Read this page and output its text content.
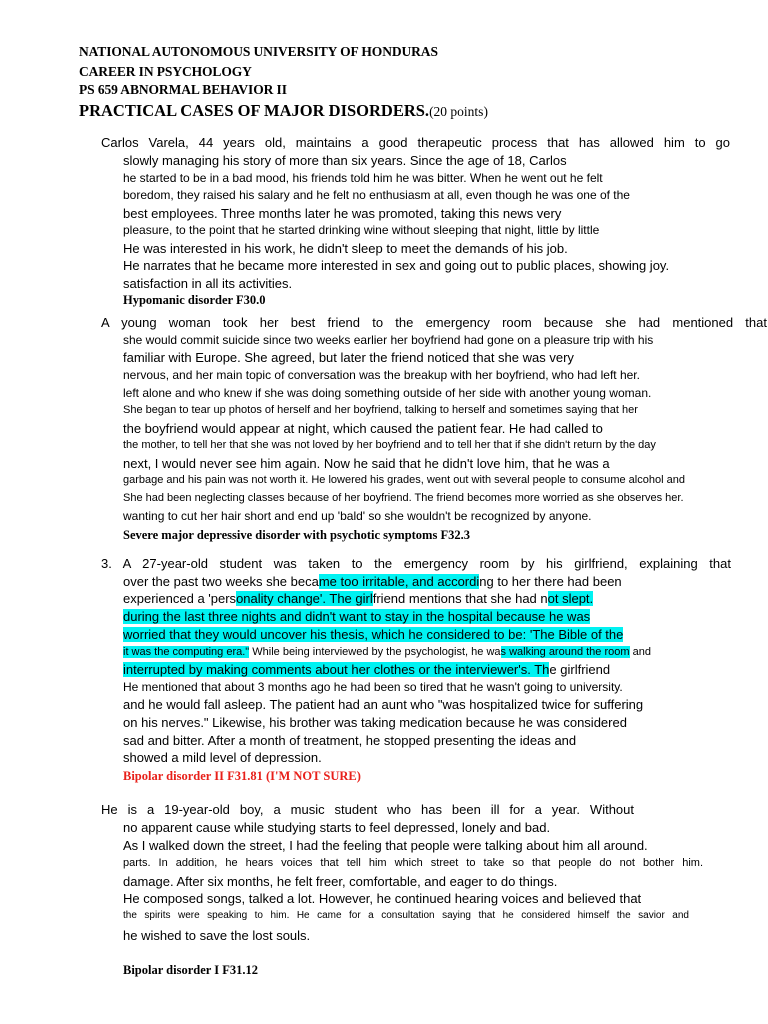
NATIONAL AUTONOMOUS UNIVERSITY OF HONDURAS
CAREER IN PSYCHOLOGY
PS 659 ABNORMAL BEHAVIOR II
PRACTICAL CASES OF MAJOR DISORDERS.(20 points)
Carlos Varela, 44 years old, maintains a good therapeutic process that has allowed him to go
slowly managing his story of more than six years. Since the age of 18, Carlos
he started to be in a bad mood, his friends told him he was bitter. When he went out he felt
boredom, they raised his salary and he felt no enthusiasm at all, even though he was one of the
best employees. Three months later he was promoted, taking this news very
pleasure, to the point that he started drinking wine without sleeping that night, little by little
He was interested in his work, he didn't sleep to meet the demands of his job.
He narrates that he became more interested in sex and going out to public places, showing joy.
satisfaction in all its activities.
Hypomanic disorder F30.0
A young woman took her best friend to the emergency room because she had mentioned that
she would commit suicide since two weeks earlier her boyfriend had gone on a pleasure trip with his
familiar with Europe. She agreed, but later the friend noticed that she was very
nervous, and her main topic of conversation was the breakup with her boyfriend, who had left her.
left alone and who knew if she was doing something outside of her side with another young woman.
She began to tear up photos of herself and her boyfriend, talking to herself and sometimes saying that her
the boyfriend would appear at night, which caused the patient fear. He had called to
the mother, to tell her that she was not loved by her boyfriend and to tell her that if she didn't return by the day
next, I would never see him again. Now he said that he didn't love him, that he was a
garbage and his pain was not worth it. He lowered his grades, went out with several people to consume alcohol and
She had been neglecting classes because of her boyfriend. The friend becomes more worried as she observes her.
wanting to cut her hair short and end up 'bald' so she wouldn't be recognized by anyone.
Severe major depressive disorder with psychotic symptoms F32.3
3. A 27-year-old student was taken to the emergency room by his girlfriend, explaining that
over the past two weeks she became too irritable, and according to her there had been
experienced a 'personality change'. The girlfriend mentions that she had not slept.
during the last three nights and didn't want to stay in the hospital because he was
worried that they would uncover his thesis, which he considered to be: 'The Bible of the
it was the computing era." While being interviewed by the psychologist, he was walking around the room and
interrupted by making comments about her clothes or the interviewer's. The girlfriend
He mentioned that about 3 months ago he had been so tired that he wasn't going to university.
and he would fall asleep. The patient had an aunt who "was hospitalized twice for suffering
on his nerves." Likewise, his brother was taking medication because he was considered
sad and bitter. After a month of treatment, he stopped presenting the ideas and
showed a mild level of depression.
Bipolar disorder II F31.81 (I'M NOT SURE)
He is a 19-year-old boy, a music student who has been ill for a year. Without
no apparent cause while studying starts to feel depressed, lonely and bad.
As I walked down the street, I had the feeling that people were talking about him all around.
parts. In addition, he hears voices that tell him which street to take so that people do not bother him.
damage. After six months, he felt freer, comfortable, and eager to do things.
He composed songs, talked a lot. However, he continued hearing voices and believed that
the spirits were speaking to him. He came for a consultation saying that he considered himself the savior and
he wished to save the lost souls.
Bipolar disorder I F31.12
